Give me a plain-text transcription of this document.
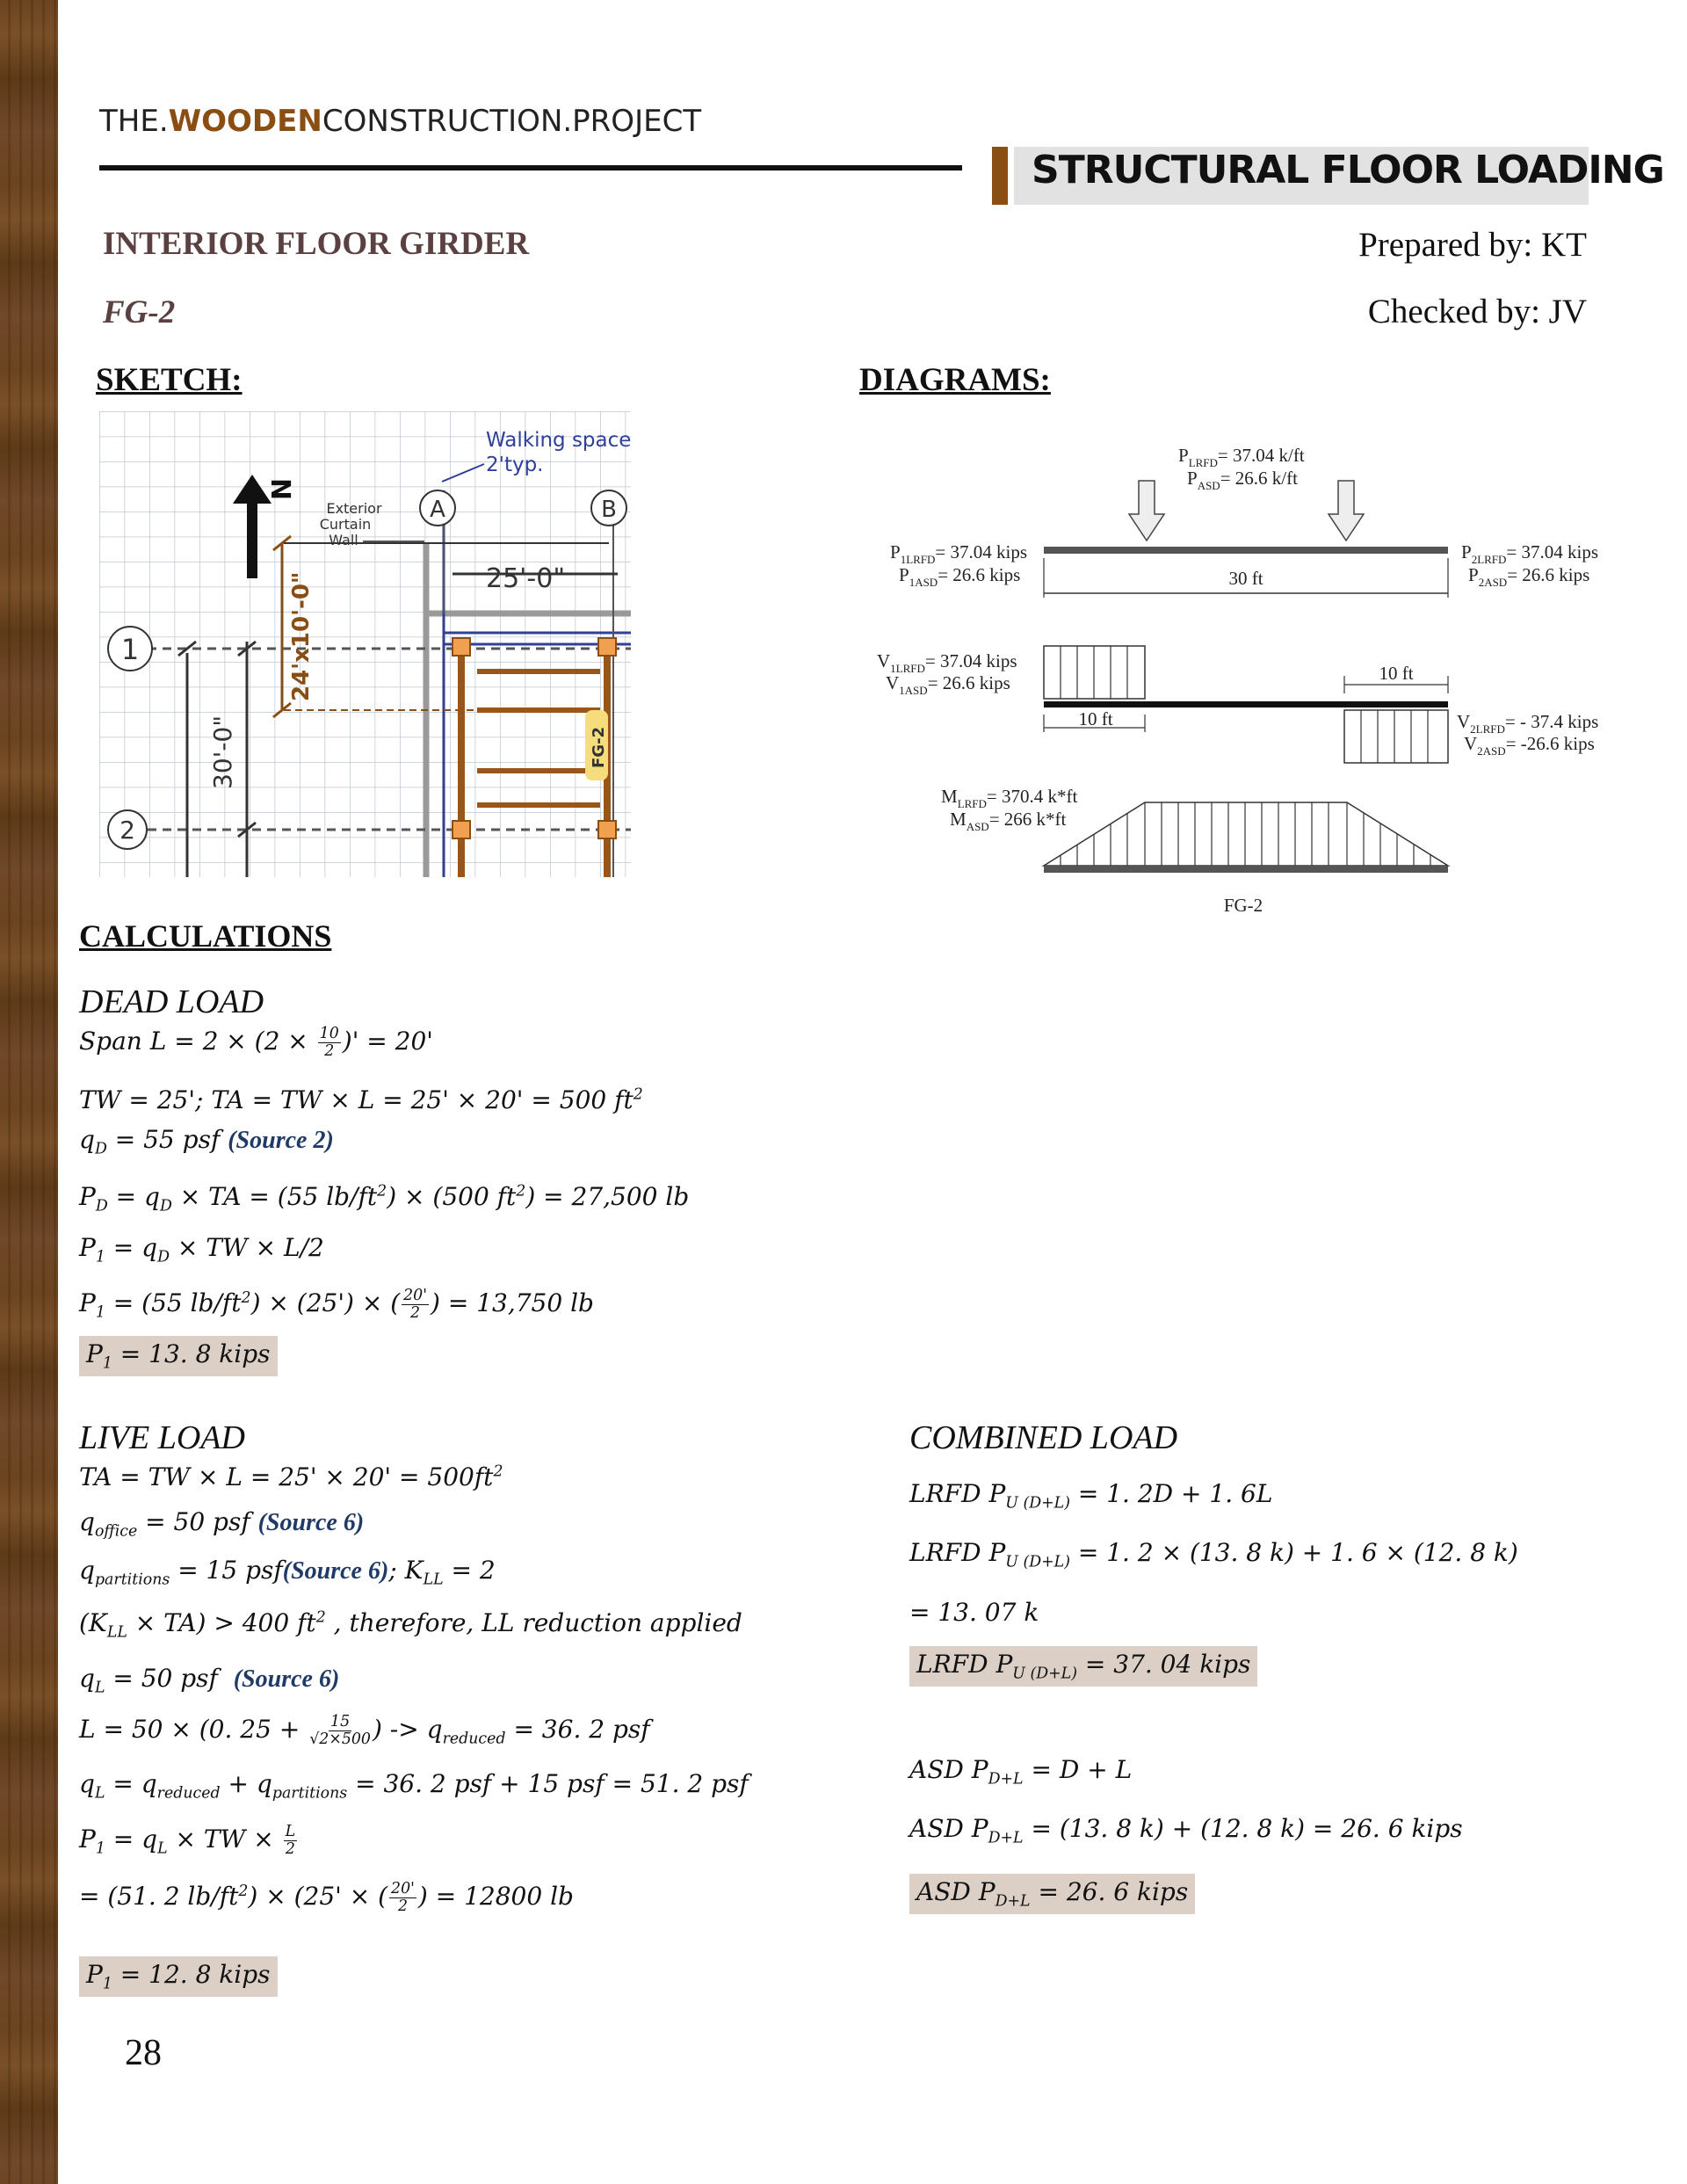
THE.WOODENCONSTRUCTION.PROJECT
STRUCTURAL FLOOR LOADING
INTERIOR FLOOR GIRDER
FG-2
Prepared by: KT
Checked by: JV
SKETCH:	DIAGRAMS:
A	B
1
2
N
Walking space
2'typ.
Exterior
Curtain
Wall
25'-0"
24'x10'-0"
30'-0"	FG-2
$P_{LRFD}= 37.04$ k/ft
$P_{ASD}= 26.6$ k/ft
30 ft
$P_{1LRFD}= 37.04$ kips
$P_{1ASD}= 26.6$ kips
$P_{2LRFD}= 37.04$ kips
$P_{2ASD}= 26.6$ kips
$V_{1LRFD}= 37.04$ kips
$V_{1ASD}= 26.6$ kips
10 ft
10 ft
$V_{2LRFD}= - 37.4$ kips
$V_{2ASD}= -26.6$ kips
$M_{LRFD}= 370.4$ k*ft
$M_{ASD}= 266$ k*ft
FG-2
CALCULATIONS
DEAD LOAD
Span $L = 2 \times (2 \times \frac{10}{2}$ )' = 20'
TW = 25'; TA = TW × L = 25' × 20' = 500 $ft^2$
$q_D = 55$ psf (Source 2)
$P_D = q_D$ × TA = (55 $lb/ft^2) \times (500$ $ft^2) = 27,500$ lb
$P_1 = q_D$ × TW × L/2
$P_1 = (55$ $lb/ft^2) \times (25')$ × ( $\frac{20'}{2}$ ) = 13,750 lb
$P_1 = 13$. 8 kips
LIVE LOAD
TA = TW × $L = 25' \times 20' = 500ft^2$
$q_{office} = 50$ psf (Source 6)
$q_{partitions} = 15$ psf(Source 6); $K_{LL} = 2$
$(K_{LL} \times TA) > 400$ $ft^2$ , therefore, LL reduction applied
$q_L = 50$ psf  (Source 6)
L = 50 × (0. $25 + \frac{15}{√2\times 500}$ ) -> $q_{reduced} = 36$. 2 psf
$q_L = q_{reduced} + q_{partitions} = 36$. 2 psf + 15 psf = 51. 2 psf
$P_1 = q_L$ × TW × $\frac{L}{2}$
= (51. 2 $lb/ft^2) \times (25'$ × ( $\frac{20'}{2}$ ) = 12800 lb
$P_1 = 12$. 8 kips
COMBINED LOAD
LRFD $P_{U (D+L)} = 1$. 2D + 1. 6L
LRFD $P_{U (D+L)} = 1$. 2 × (13. 8 k) + 1. 6 × (12. 8 k)
= 13. 07 k
LRFD $P_{U (D+L)} = 37$. 04 kips
ASD $P_{D+L} = D + L$
ASD $P_{D+L} = (13$. 8 k) + (12. 8 k) = 26. 6 kips
ASD $P_{D+L} = 26$. 6 kips
28
